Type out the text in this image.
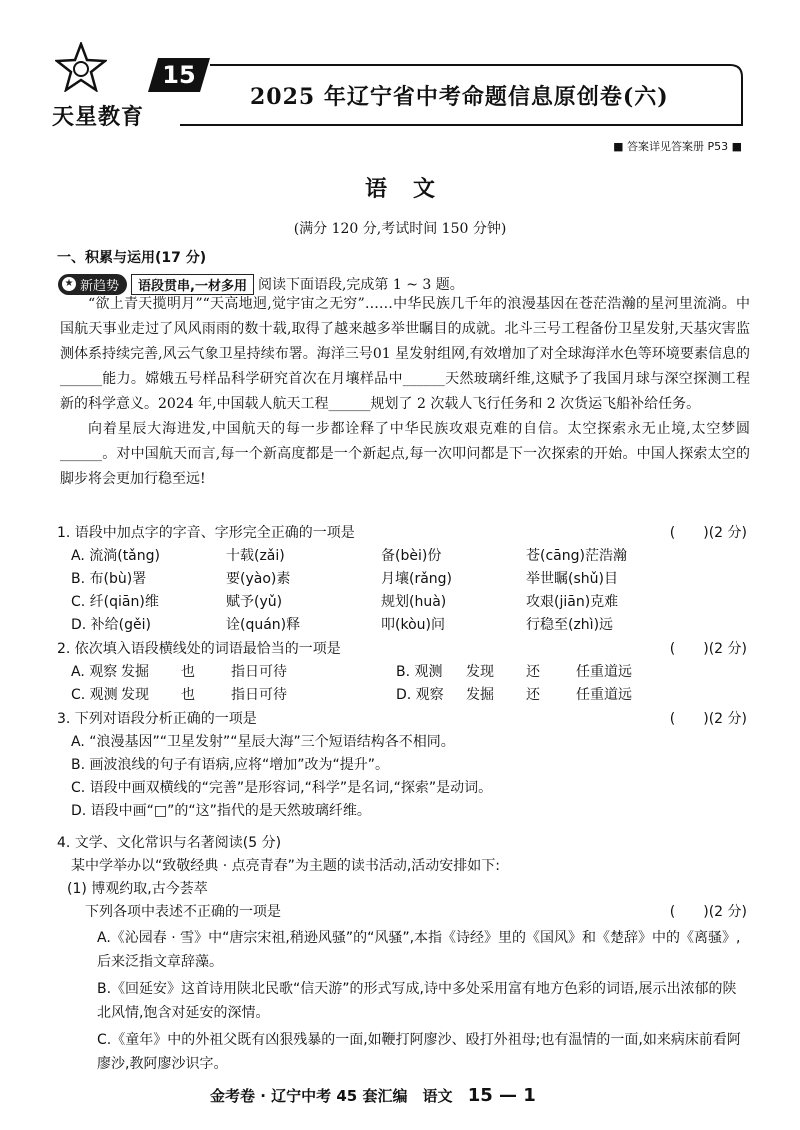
天星教育
15
2025 年辽宁省中考命题信息原创卷(六)
■ 答案详见答案册 P53 ■
语文
(满分 120 分,考试时间 150 分钟)
一、积累与运用(17 分)
★ 新趋势	语段贯串,一材多用 阅读下面语段,完成第 1 ~ 3 题。

“欲上青天揽明月”“天高地迥,觉宇宙之无穷”……中华民族几千年的浪漫基因在苍茫浩瀚的星河里流淌。中国航天事业走过了风风雨雨的数十载,取得了越来越多举世瞩目的成就。北斗三号工程备份卫星发射,天基灾害监测体系持续完善,风云气象卫星持续布署。海洋三号01 星发射组网,有效增加了对全球海洋水色等环境要素信息的______能力。嫦娥五号样品科学研究首次在月壤样品中______天然玻璃纤维,这赋予了我国月球与深空探测工程新的科学意义。2024 年,中国载人航天工程______规划了 2 次载人飞行任务和 2 次货运飞船补给任务。

向着星辰大海进发,中国航天的每一步都诠释了中华民族攻艰克难的自信。太空探索永无止境,太空梦圆______。对中国航天而言,每一个新高度都是一个新起点,每一次叩问都是下一次探索的开始。中国人探索太空的脚步将会更加行稳至远!

1. 语段中加点字的字音、字形完全正确的一项是	(　　)(2 分)
A. 流淌(tǎng)	十载(zǎi)	备(bèi)份	苍(cāng)茫浩瀚
B. 布(bù)署	要(yào)素	月壤(rǎng)	举世瞩(shǔ)目
C. 纤(qiān)维	赋予(yǔ)	规划(huà)	攻艰(jiān)克难
D. 补给(gěi)	诠(quán)释	叩(kòu)问	行稳至(zhì)远
2. 依次填入语段横线处的词语最恰当的一项是	(　　)(2 分)
A. 观察 发掘	也	指日可待	B. 观测	发现	还	任重道远
C. 观测 发现	也	指日可待	D. 观察	发掘	还	任重道远
3. 下列对语段分析正确的一项是	(　　)(2 分)
A. “浪漫基因”“卫星发射”“星辰大海”三个短语结构各不相同。
B. 画波浪线的句子有语病,应将“增加”改为“提升”。
C. 语段中画双横线的“完善”是形容词,“科学”是名词,“探索”是动词。
D. 语段中画“□”的“这”指代的是天然玻璃纤维。
4. 文学、文化常识与名著阅读(5 分)
某中学举办以“致敬经典 · 点亮青春”为主题的读书活动,活动安排如下:
(1) 博观约取,古今荟萃
下列各项中表述不正确的一项是	(　　)(2 分)
A.《沁园春 · 雪》中“唐宗宋祖,稍逊风骚”的“风骚”,本指《诗经》里的《国风》和《楚辞》中的《离骚》,后来泛指文章辞藻。
B.《回延安》这首诗用陕北民歌“信天游”的形式写成,诗中多处采用富有地方色彩的词语,展示出浓郁的陕北风情,饱含对延安的深情。
C.《童年》中的外祖父既有凶狠残暴的一面,如鞭打阿廖沙、殴打外祖母;也有温情的一面,如来病床前看阿廖沙,教阿廖沙识字。
金考卷 · 辽宁中考 45 套汇编　语文 15 — 1
